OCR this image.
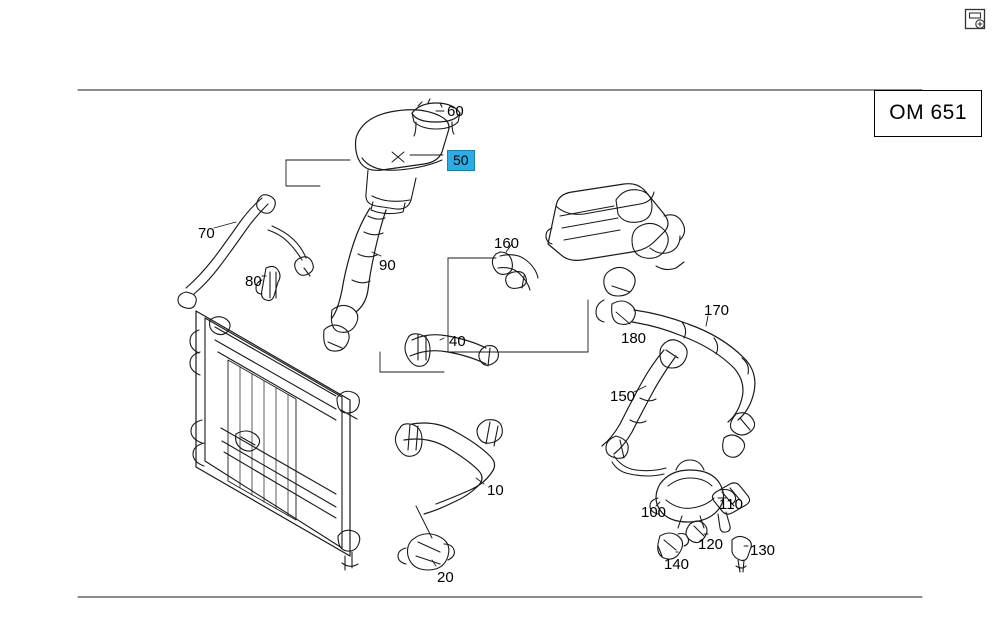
OM 651
60
50
70
80
90
160
180
170
40
150
10
100	110
120 130
140
20
